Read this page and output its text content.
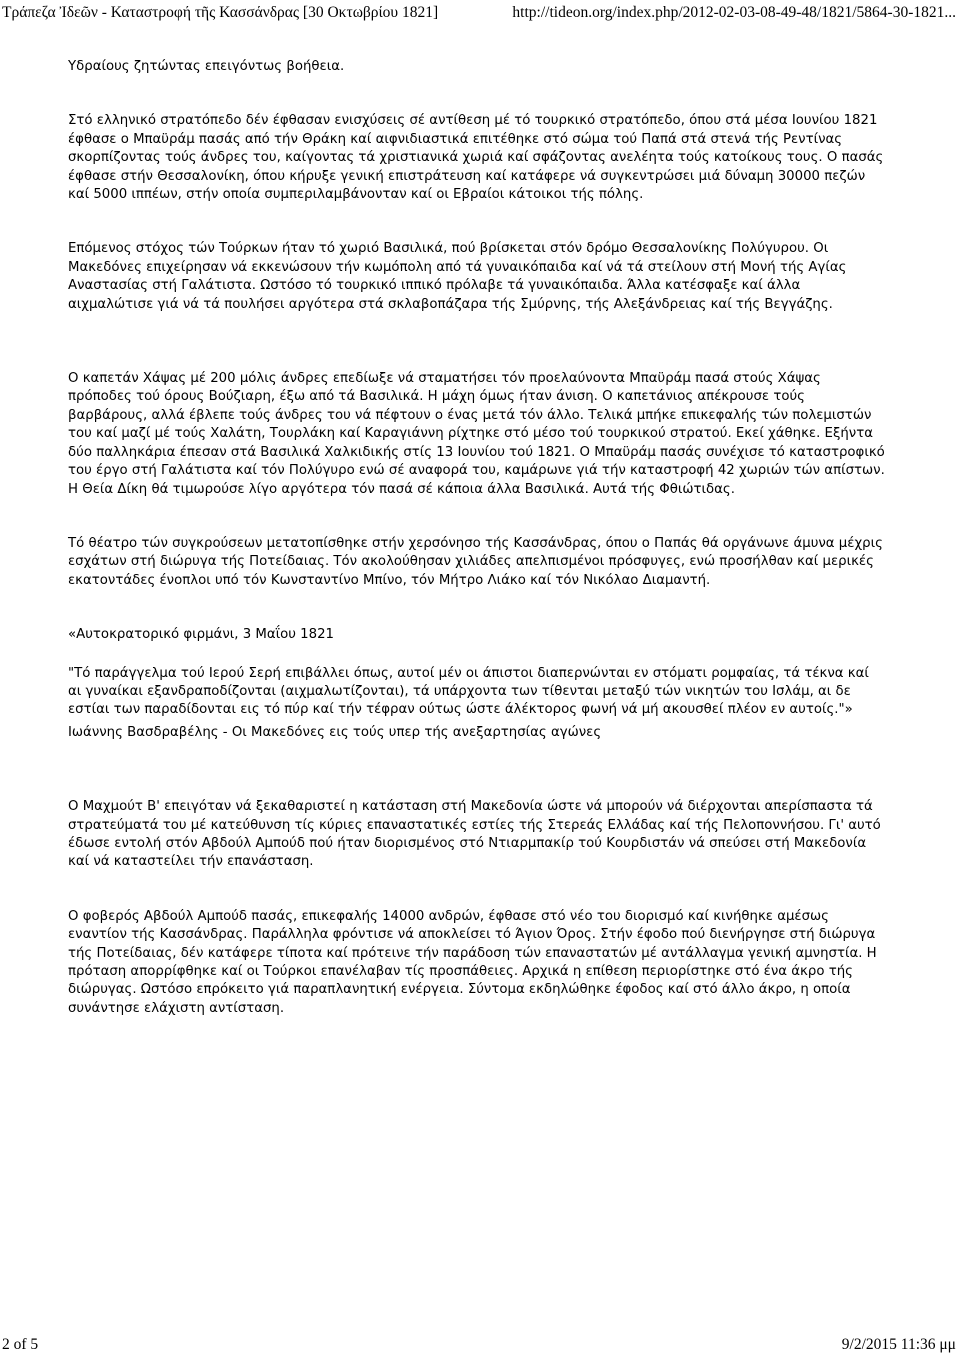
Τράπεζα Ἰδεῶν - Καταστροφή τῆς Κασσάνδρας [30 Οκτωβρίου 1821]	http://tideon.org/index.php/2012-02-03-08-49-48/1821/5864-30-1821...

Υδραίους ζητώντας επειγόντως βοήθεια.

Στό ελληνικό στρατόπεδο δέν έφθασαν ενισχύσεις σέ αντίθεση μέ τό τουρκικό στρατόπεδο, όπου στά μέσα Ιουνίου 1821 έφθασε ο Μπαϋράμ πασάς από τήν Θράκη καί αιφνιδιαστικά επιτέθηκε στό σώμα τού Παπά στά στενά τής Ρεντίνας σκορπίζοντας τούς άνδρες του, καίγοντας τά χριστιανικά χωριά καί σφάζοντας ανελέητα τούς κατοίκους τους. Ο πασάς έφθασε στήν Θεσσαλονίκη, όπου κήρυξε γενική επιστράτευση καί κατάφερε νά συγκεντρώσει μιά δύναμη 30000 πεζών καί 5000 ιππέων, στήν οποία συμπεριλαμβάνονταν καί οι Εβραίοι κάτοικοι τής πόλης.

Επόμενος στόχος τών Τούρκων ήταν τό χωριό Βασιλικά, πού βρίσκεται στόν δρόμο Θεσσαλονίκης Πολύγυρου. Οι Μακεδόνες επιχείρησαν νά εκκενώσουν τήν κωμόπολη από τά γυναικόπαιδα καί νά τά στείλουν στή Μονή τής Αγίας Αναστασίας στή Γαλάτιστα. Ωστόσο τό τουρκικό ιππικό πρόλαβε τά γυναικόπαιδα. Άλλα κατέσφαξε καί άλλα αιχμαλώτισε γιά νά τά πουλήσει αργότερα στά σκλαβοπάζαρα τής Σμύρνης, τής Αλεξάνδρειας καί τής Βεγγάζης.

Ο καπετάν Χάψας μέ 200 μόλις άνδρες επεδίωξε νά σταματήσει τόν προελαύνοντα Μπαϋράμ πασά στούς Χάψας πρόποδες τού όρους Βούζιαρη, έξω από τά Βασιλικά. Η μάχη όμως ήταν άνιση. Ο καπετάνιος απέκρουσε τούς βαρβάρους, αλλά έβλεπε τούς άνδρες του νά πέφτουν ο ένας μετά τόν άλλο. Τελικά μπήκε επικεφαλής τών πολεμιστών του καί μαζί μέ τούς Χαλάτη, Τουρλάκη καί Καραγιάννη ρίχτηκε στό μέσο τού τουρκικού στρατού. Εκεί χάθηκε. Εξήντα δύο παλληκάρια έπεσαν στά Βασιλικά Χαλκιδικής στίς 13 Ιουνίου τού 1821. Ο Μπαϋράμ πασάς συνέχισε τό καταστροφικό του έργο στή Γαλάτιστα καί τόν Πολύγυρο ενώ σέ αναφορά του, καμάρωνε γιά τήν καταστροφή 42 χωριών τών απίστων. Η Θεία Δίκη θά τιμωρούσε λίγο αργότερα τόν πασά σέ κάποια άλλα Βασιλικά. Αυτά τής Φθιώτιδας.

Τό θέατρο τών συγκρούσεων μετατοπίσθηκε στήν χερσόνησο τής Κασσάνδρας, όπου ο Παπάς θά οργάνωνε άμυνα μέχρις εσχάτων στή διώρυγα τής Ποτείδαιας. Τόν ακολούθησαν χιλιάδες απελπισμένοι πρόσφυγες, ενώ προσήλθαν καί μερικές εκατοντάδες ένοπλοι υπό τόν Κωνσταντίνο Μπίνο, τόν Μήτρο Λιάκο καί τόν Νικόλαο Διαμαντή.

«Αυτοκρατορικό φιρμάνι, 3 Μαΐου 1821

"Τό παράγγελμα τού Ιερού Σερή επιβάλλει όπως, αυτοί μέν οι άπιστοι διαπερνώνται εν στόματι ρομφαίας, τά τέκνα καί αι γυναίκαι εξανδραποδίζονται (αιχμαλωτίζονται), τά υπάρχοντα των τίθενται μεταξύ τών νικητών του Ισλάμ, αι δε εστίαι των παραδίδονται εις τό πύρ καί τήν τέφραν ούτως ώστε άλέκτορος φωνή νά μή ακουσθεί πλέον εν αυτοίς."»

Ιωάννης Βασδραβέλης - Οι Μακεδόνες εις τούς υπερ τής ανεξαρτησίας αγώνες

Ο Μαχμούτ Β' επειγόταν νά ξεκαθαριστεί η κατάσταση στή Μακεδονία ώστε νά μπορούν νά διέρχονται απερίσπαστα τά στρατεύματά του μέ κατεύθυνση τίς κύριες επαναστατικές εστίες τής Στερεάς Ελλάδας καί τής Πελοποννήσου. Γι' αυτό έδωσε εντολή στόν Αβδούλ Αμπούδ πού ήταν διορισμένος στό Ντιαρμπακίρ τού Κουρδιστάν νά σπεύσει στή Μακεδονία καί νά καταστείλει τήν επανάσταση.

Ο φοβερός Αβδούλ Αμπούδ πασάς, επικεφαλής 14000 ανδρών, έφθασε στό νέο του διορισμό καί κινήθηκε αμέσως εναντίον τής Κασσάνδρας. Παράλληλα φρόντισε νά αποκλείσει τό Άγιον Όρος. Στήν έφοδο πού διενήργησε στή διώρυγα τής Ποτείδαιας, δέν κατάφερε τίποτα καί πρότεινε τήν παράδοση τών επαναστατών μέ αντάλλαγμα γενική αμνηστία. Η πρόταση απορρίφθηκε καί οι Τούρκοι επανέλαβαν τίς προσπάθειες. Αρχικά η επίθεση περιορίστηκε στό ένα άκρο τής διώρυγας. Ωστόσο επρόκειτο γιά παραπλανητική ενέργεια. Σύντομα εκδηλώθηκε έφοδος καί στό άλλο άκρο, η οποία συνάντησε ελάχιστη αντίσταση.

2 of 5	9/2/2015 11:36 μμ
